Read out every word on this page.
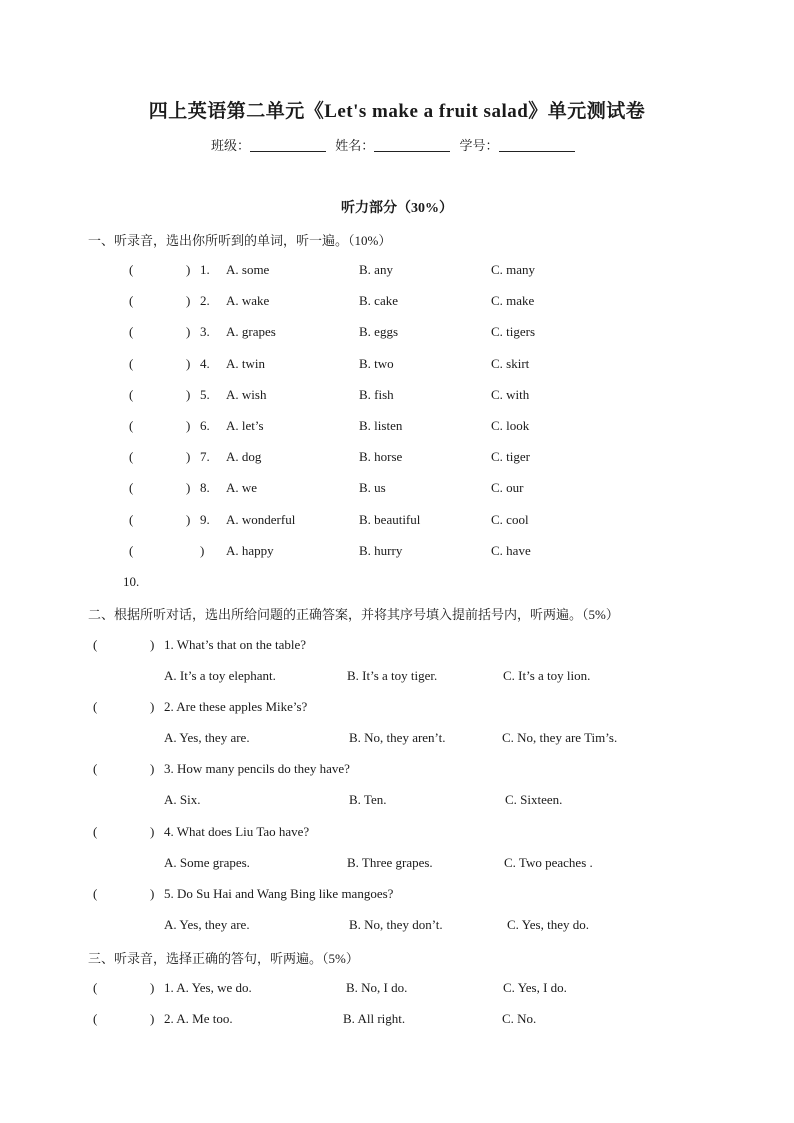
四上英语第二单元《Let's make a fruit salad》单元测试卷
班级：	姓名：	学号：
听力部分（30%）
一、听录音，选出你所听到的单词，听一遍。（10%）
(	) 1. A. some	B. any	C. many
(	) 2. A. wake	B. cake	C. make
(	) 3. A. grapes	B. eggs	C. tigers
(	) 4. A. twin	B. two	C. skirt
(	) 5. A. wish	B. fish	C. with
(	) 6. A. let’s	B. listen	C. look
(	) 7. A. dog	B. horse	C. tiger
(	) 8. A. we	B. us	C. our
(	) 9. A. wonderful	B. beautiful	C. cool
(	) A. happy	B. hurry	C. have
10.
二、根据所听对话，选出所给问题的正确答案，并将其序号填入提前括号内，听两遍。（5%）
(	) 1. What’s that on the table?
A. It’s a toy elephant.	B. It’s a toy tiger.	C. It’s a toy lion.
(	) 2. Are these apples Mike’s?
A. Yes, they are.	B. No, they aren’t.	C. No, they are Tim’s.
(	) 3. How many pencils do they have?
A. Six.	B. Ten.	C. Sixteen.
(	) 4. What does Liu Tao have?
A. Some grapes.	B. Three grapes.	C. Two peaches .
(	) 5. Do Su Hai and Wang Bing like mangoes?
A. Yes, they are.	B. No, they don’t.	C. Yes, they do.
三、听录音，选择正确的答句，听两遍。（5%）
(	) 1. A. Yes, we do.	B. No, I do.	C. Yes, I do.
(	) 2. A. Me too.	B. All right.	C. No.
